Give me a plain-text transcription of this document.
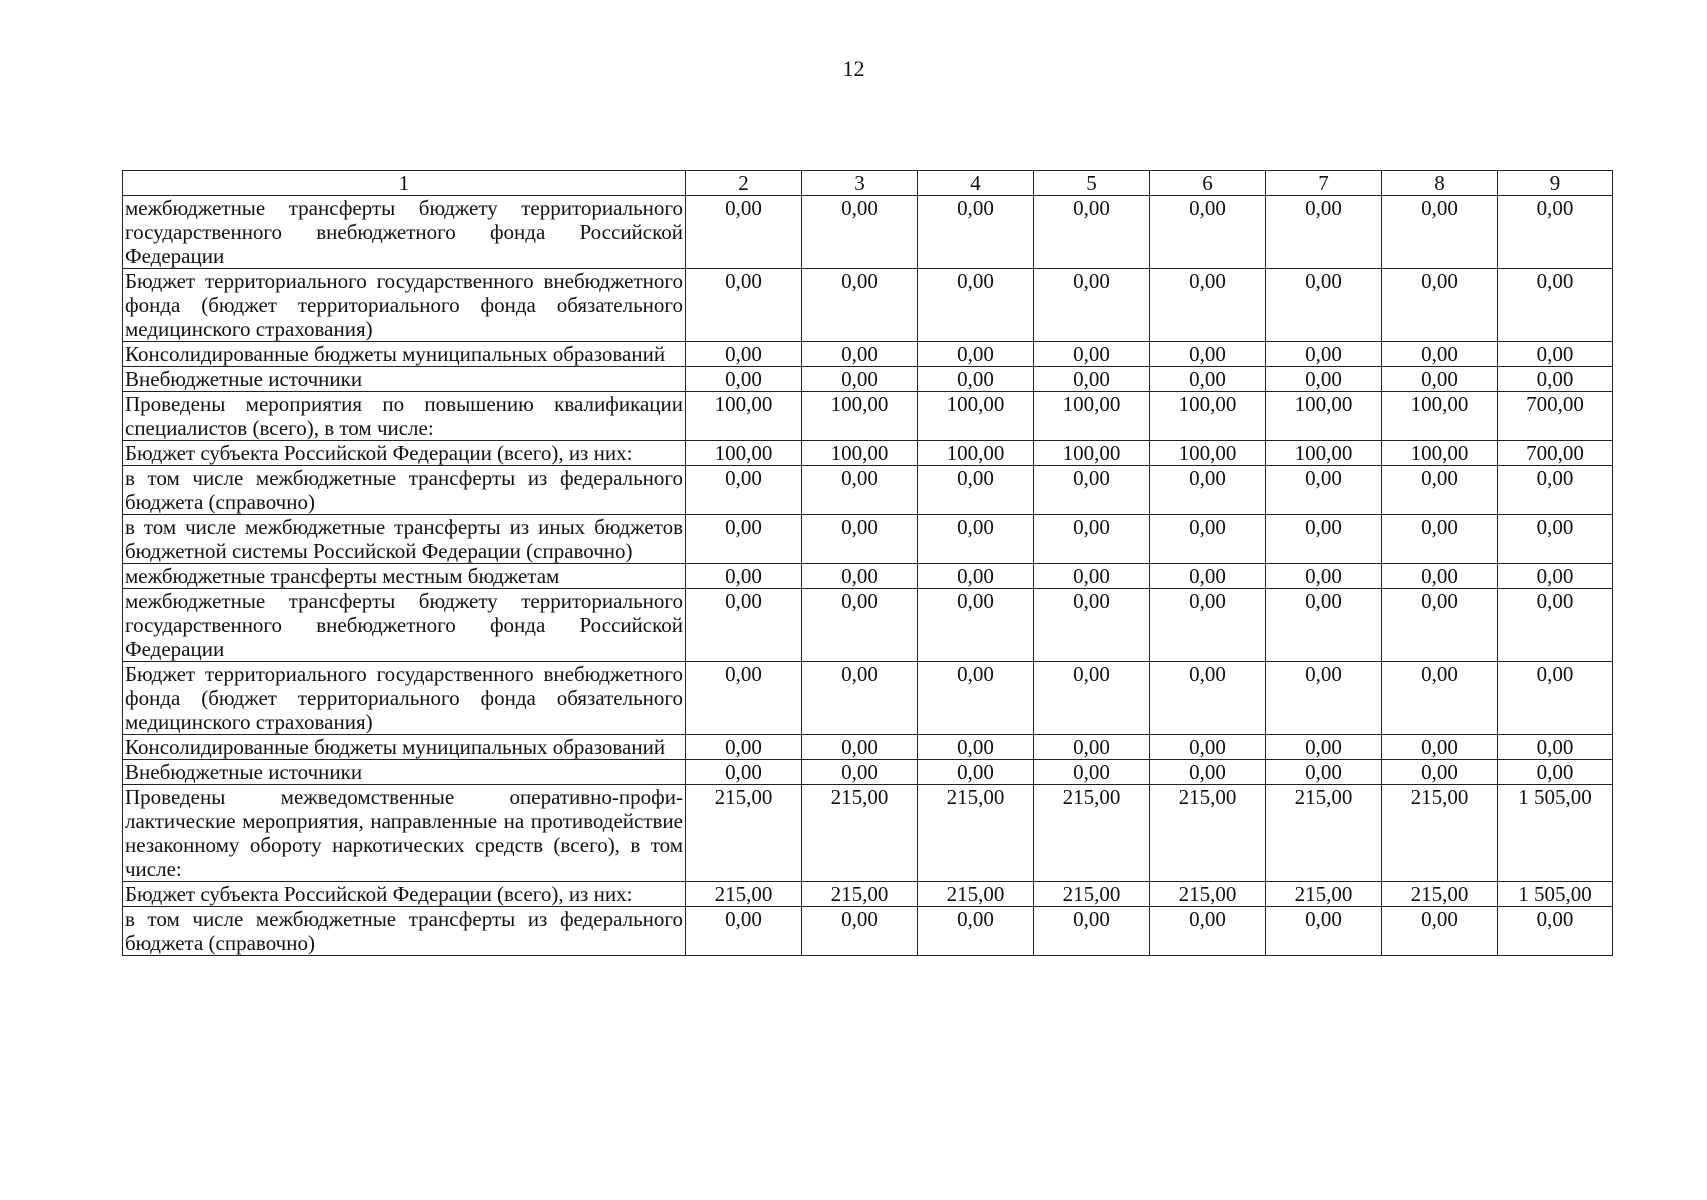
12
1	2	3	4	5	6	7	8	9
межбюджетные трансферты бюджету территориального государственного внебюджетного фонда Российской Федерации	0,00	0,00	0,00	0,00	0,00	0,00	0,00	0,00
Бюджет территориального государственного внебюджетного фонда (бюджет территориального фонда обязательного медицинского страхования)	0,00	0,00	0,00	0,00	0,00	0,00	0,00	0,00
Консолидированные бюджеты муниципальных образований	0,00	0,00	0,00	0,00	0,00	0,00	0,00	0,00
Внебюджетные источники	0,00	0,00	0,00	0,00	0,00	0,00	0,00	0,00
Проведены мероприятия по повышению квалификации специалистов (всего), в том числе:	100,00	100,00	100,00	100,00	100,00	100,00	100,00	700,00
Бюджет субъекта Российской Федерации (всего), из них:	100,00	100,00	100,00	100,00	100,00	100,00	100,00	700,00
в том числе межбюджетные трансферты из федерального бюджета (справочно)	0,00	0,00	0,00	0,00	0,00	0,00	0,00	0,00
в том числе межбюджетные трансферты из иных бюджетов бюджетной системы Российской Федерации (справочно)	0,00	0,00	0,00	0,00	0,00	0,00	0,00	0,00
межбюджетные трансферты местным бюджетам	0,00	0,00	0,00	0,00	0,00	0,00	0,00	0,00
межбюджетные трансферты бюджету территориального государственного внебюджетного фонда Российской Федерации	0,00	0,00	0,00	0,00	0,00	0,00	0,00	0,00
Бюджет территориального государственного внебюджетного фонда (бюджет территориального фонда обязательного медицинского страхования)	0,00	0,00	0,00	0,00	0,00	0,00	0,00	0,00
Консолидированные бюджеты муниципальных образований	0,00	0,00	0,00	0,00	0,00	0,00	0,00	0,00
Внебюджетные источники	0,00	0,00	0,00	0,00	0,00	0,00	0,00	0,00
Проведены межведомственные оперативно-профилактические мероприятия, направленные на противодействие незаконному обороту наркотических средств (всего), в том числе:	215,00	215,00	215,00	215,00	215,00	215,00	215,00	1 505,00
Бюджет субъекта Российской Федерации (всего), из них:	215,00	215,00	215,00	215,00	215,00	215,00	215,00	1 505,00
в том числе межбюджетные трансферты из федерального бюджета (справочно)	0,00	0,00	0,00	0,00	0,00	0,00	0,00	0,00
